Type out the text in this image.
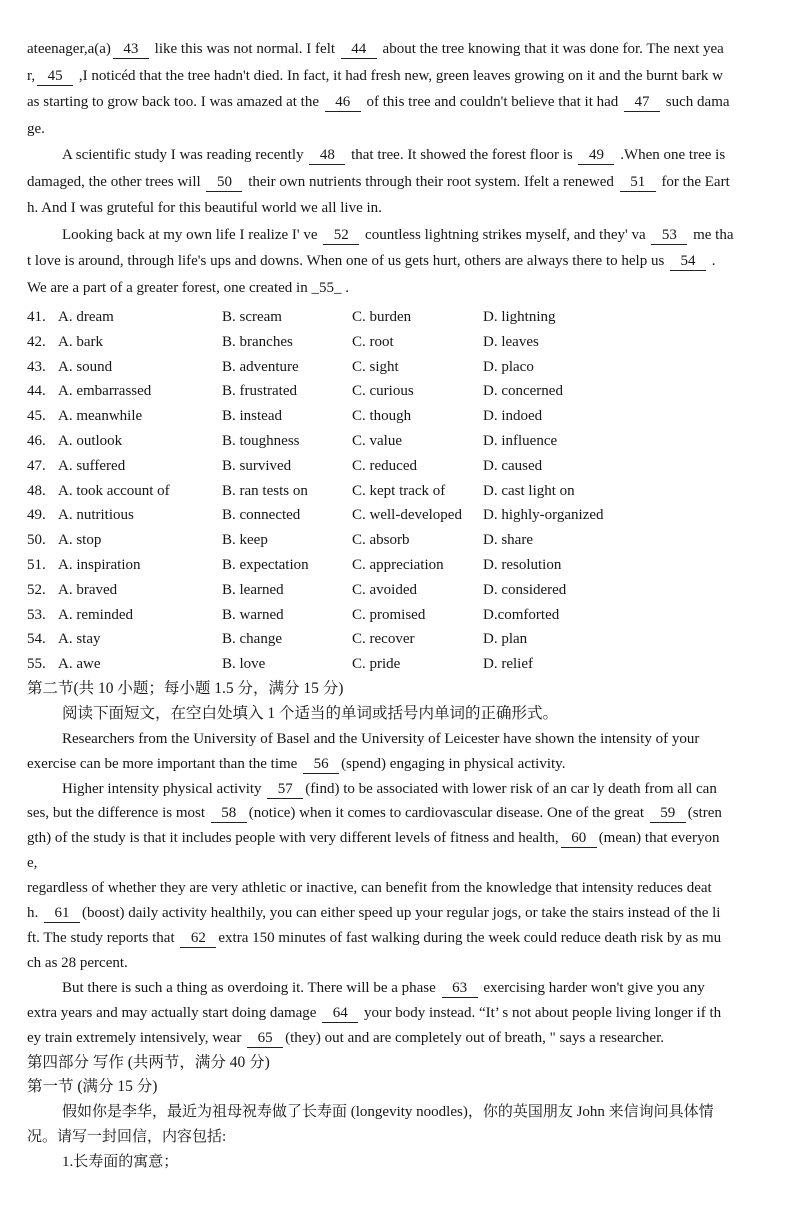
ateenager,a(a) 43 like this was not normal. I felt 44 about the tree knowing that it was done for. The next yea
r, 45 ,I noticéd that the tree hadn't died. In fact, it had fresh new, green leaves growing on it and the burnt bark w
as starting to grow back too. I was amazed at the 46 of this tree and couldn't believe that it had 47 such dama
ge.
A scientific study I was reading recently 48 that tree. It showed the forest floor is 49 .When one tree is
damaged, the other trees will 50 their own nutrients through their root system. Ifelt a renewed 51 for the Eart
h. And I was gruteful for this beautiful world we all live in.
Looking back at my own life I realize I' ve 52 countless lightning strikes myself, and they' va 53 me tha
t love is around, through life's ups and downs. When one of us gets hurt, others are always there to help us 54 .
We are a part of a greater forest, one created in _55_ .
41. A. dream	B. scream	C. burden	D. lightning
42. A. bark	B. branches	C. root	D. leaves
43. A. sound	B. adventure	C. sight	D. placo
44. A. embarrassed	B. frustrated	C. curious	D. concerned
45. A. meanwhile	B. instead	C. though	D. indoed
46. A. outlook	B. toughness	C. value	D. influence
47. A. suffered	B. survived	C. reduced	D. caused
48. A. took account of	B. ran tests on	C. kept track of	D. cast light on
49. A. nutritious	B. connected	C. well-developed	D. highly-organized
50. A. stop	B. keep	C. absorb	D. share
51. A. inspiration	B. expectation	C. appreciation	D. resolution
52. A. braved	B. learned	C. avoided	D. considered
53. A. reminded	B. warned	C. promised	D.comforted
54. A. stay	B. change	C. recover	D. plan
55. A. awe	B. love	C. pride	D. relief
第二节(共 10 小题；每小题 1.5 分，满分 15 分)
阅读下面短文，在空白处填入 1 个适当的单词或括号内单词的正确形式。
Researchers from the University of Basel and the University of Leicester have shown the intensity of your
exercise can be more important than the time 56 (spend) engaging in physical activity.
Higher intensity physical activity 57 (find) to be associated with lower risk of an car ly death from all can
ses, but the difference is most 58 (notice) when it comes to cardiovascular disease. One of the great 59 (stren
gth) of the study is that it includes people with very different levels of fitness and health, 60 (mean) that everyon
e,
regardless of whether they are very athletic or inactive, can benefit from the knowledge that intensity reduces deat
h. 61 (boost) daily activity healthily, you can either speed up your regular jogs, or take the stairs instead of the li
ft. The study reports that 62 extra 150 minutes of fast walking during the week could reduce death risk by as mu
ch as 28 percent.
But there is such a thing as overdoing it. There will be a phase 63 exercising harder won't give you any
extra years and may actually start doing damage 64 your body instead. “It’ s not about people living longer if th
ey train extremely intensively, wear 65 (they) out and are completely out of breath, " says a researcher.
第四部分 写作 (共两节，满分 40 分)
第一节 (满分 15 分)
假如你是李华，最近为祖母祝寿做了长寿面 (longevity noodles)，你的英国朋友 John 来信询问具体情
况。请写一封回信，内容包括:
1.长寿面的寓意；
